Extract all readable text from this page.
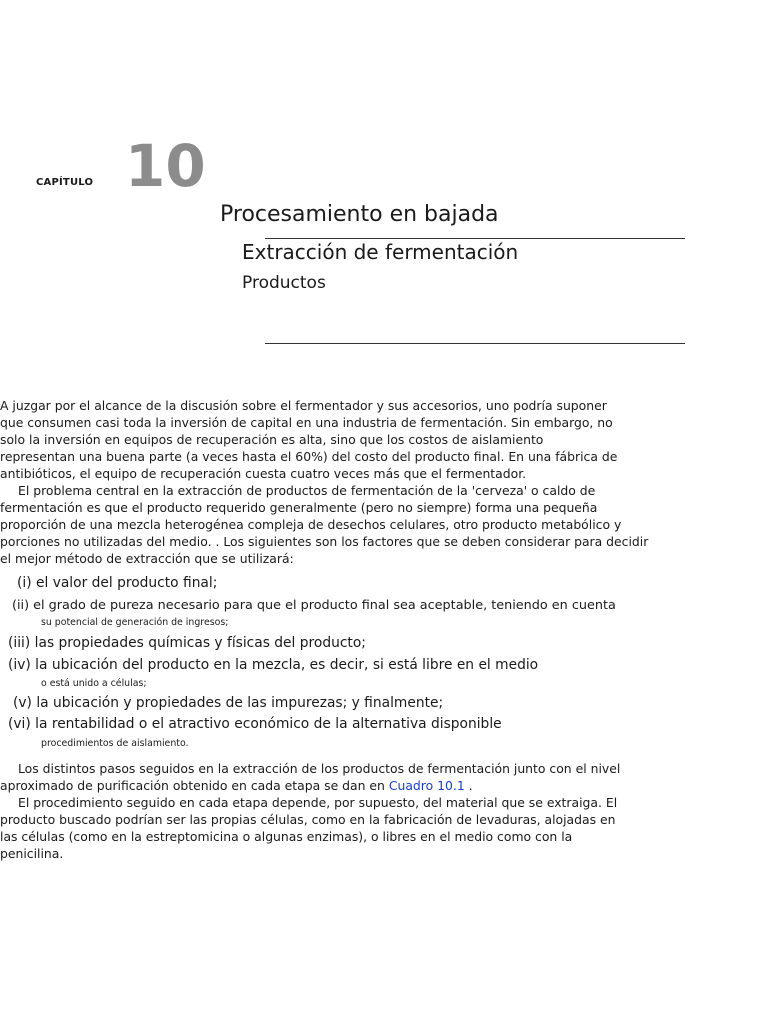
CAPÍTULO 10
Procesamiento en bajada
Extracción de fermentación
Productos
A juzgar por el alcance de la discusión sobre el fermentador y sus accesorios, uno podría suponer
que consumen casi toda la inversión de capital en una industria de fermentación. Sin embargo, no
solo la inversión en equipos de recuperación es alta, sino que los costos de aislamiento
representan una buena parte (a veces hasta el 60%) del costo del producto final. En una fábrica de
antibióticos, el equipo de recuperación cuesta cuatro veces más que el fermentador.
El problema central en la extracción de productos de fermentación de la 'cerveza' o caldo de
fermentación es que el producto requerido generalmente (pero no siempre) forma una pequeña
proporción de una mezcla heterogénea compleja de desechos celulares, otro producto metabólico y
porciones no utilizadas del medio. . Los siguientes son los factores que se deben considerar para decidir
el mejor método de extracción que se utilizará:
(i) el valor del producto final;
(ii) el grado de pureza necesario para que el producto final sea aceptable, teniendo en cuenta
su potencial de generación de ingresos;
(iii) las propiedades químicas y físicas del producto;
(iv) la ubicación del producto en la mezcla, es decir, si está libre en el medio
o está unido a células;
(v) la ubicación y propiedades de las impurezas; y finalmente;
(vi) la rentabilidad o el atractivo económico de la alternativa disponible
procedimientos de aislamiento.
Los distintos pasos seguidos en la extracción de los productos de fermentación junto con el nivel
aproximado de purificación obtenido en cada etapa se dan en Cuadro 10.1 .
El procedimiento seguido en cada etapa depende, por supuesto, del material que se extraiga. El
producto buscado podrían ser las propias células, como en la fabricación de levaduras, alojadas en
las células (como en la estreptomicina o algunas enzimas), o libres en el medio como con la
penicilina.
